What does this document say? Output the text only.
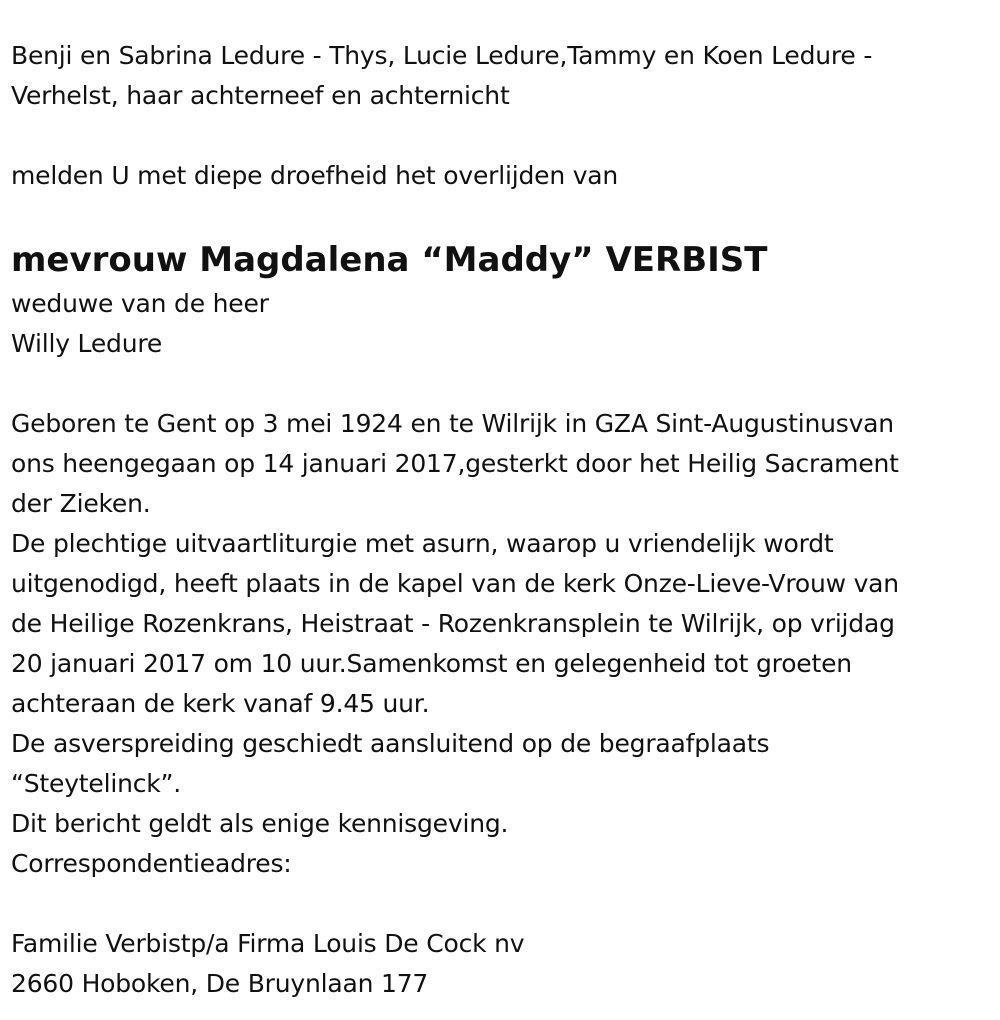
Benji en Sabrina Ledure - Thys, Lucie Ledure,Tammy en Koen Ledure -
Verhelst, haar achterneef en achternicht
melden U met diepe droefheid het overlijden van
mevrouw Magdalena “Maddy” VERBIST
weduwe van de heer
Willy Ledure
Geboren te Gent op 3 mei 1924 en te Wilrijk in GZA Sint-Augustinusvan
ons heengegaan op 14 januari 2017,gesterkt door het Heilig Sacrament
der Zieken.
De plechtige uitvaartliturgie met asurn, waarop u vriendelijk wordt
uitgenodigd, heeft plaats in de kapel van de kerk Onze-Lieve-Vrouw van
de Heilige Rozenkrans, Heistraat - Rozenkransplein te Wilrijk, op vrijdag
20 januari 2017 om 10 uur.Samenkomst en gelegenheid tot groeten
achteraan de kerk vanaf 9.45 uur.
De asverspreiding geschiedt aansluitend op de begraafplaats
“Steytelinck”.
Dit bericht geldt als enige kennisgeving.
Correspondentieadres:
Familie Verbistp/a Firma Louis De Cock nv
2660 Hoboken, De Bruynlaan 177
